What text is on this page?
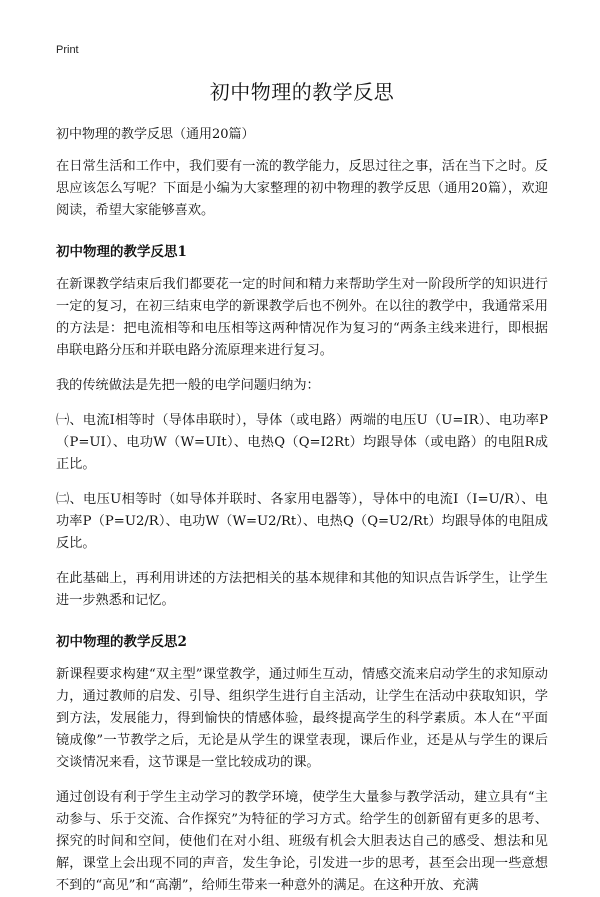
Print
初中物理的教学反思

初中物理的教学反思（通用20篇）

在日常生活和工作中，我们要有一流的教学能力，反思过往之事，活在当下之时。反思应该怎么写呢？下面是小编为大家整理的初中物理的教学反思（通用20篇），欢迎阅读，希望大家能够喜欢。

初中物理的教学反思1

在新课教学结束后我们都要花一定的时间和精力来帮助学生对一阶段所学的知识进行一定的复习，在初三结束电学的新课教学后也不例外。在以往的教学中，我通常采用的方法是：把电流相等和电压相等这两种情况作为复习的“两条主线来进行，即根据串联电路分压和并联电路分流原理来进行复习。

我的传统做法是先把一般的电学问题归纳为：

㈠、电流I相等时（导体串联时），导体（或电路）两端的电压U（U=IR）、电功率P（P=UI）、电功W（W=UIt）、电热Q（Q=I2Rt）均跟导体（或电路）的电阻R成正比。

㈡、电压U相等时（如导体并联时、各家用电器等），导体中的电流I（I=U/R）、电功率P（P=U2/R）、电功W（W=U2/Rt）、电热Q（Q=U2/Rt）均跟导体的电阻成反比。

在此基础上，再利用讲述的方法把相关的基本规律和其他的知识点告诉学生，让学生进一步熟悉和记忆。

初中物理的教学反思2

新课程要求构建“双主型”课堂教学，通过师生互动，情感交流来启动学生的求知原动力，通过教师的启发、引导、组织学生进行自主活动，让学生在活动中获取知识，学到方法，发展能力，得到愉快的情感体验，最终提高学生的科学素质。本人在“平面镜成像”一节教学之后，无论是从学生的课堂表现，课后作业，还是从与学生的课后交谈情况来看，这节课是一堂比较成功的课。

通过创设有利于学生主动学习的教学环境，使学生大量参与教学活动，建立具有“主动参与、乐于交流、合作探究”为特征的学习方式。给学生的创新留有更多的思考、探究的时间和空间，使他们在对小组、班级有机会大胆表达自己的感受、想法和见解，课堂上会出现不同的声音，发生争论，引发进一步的思考，甚至会出现一些意想不到的“高见”和“高潮”，给师生带来一种意外的满足。在这种开放、充满
